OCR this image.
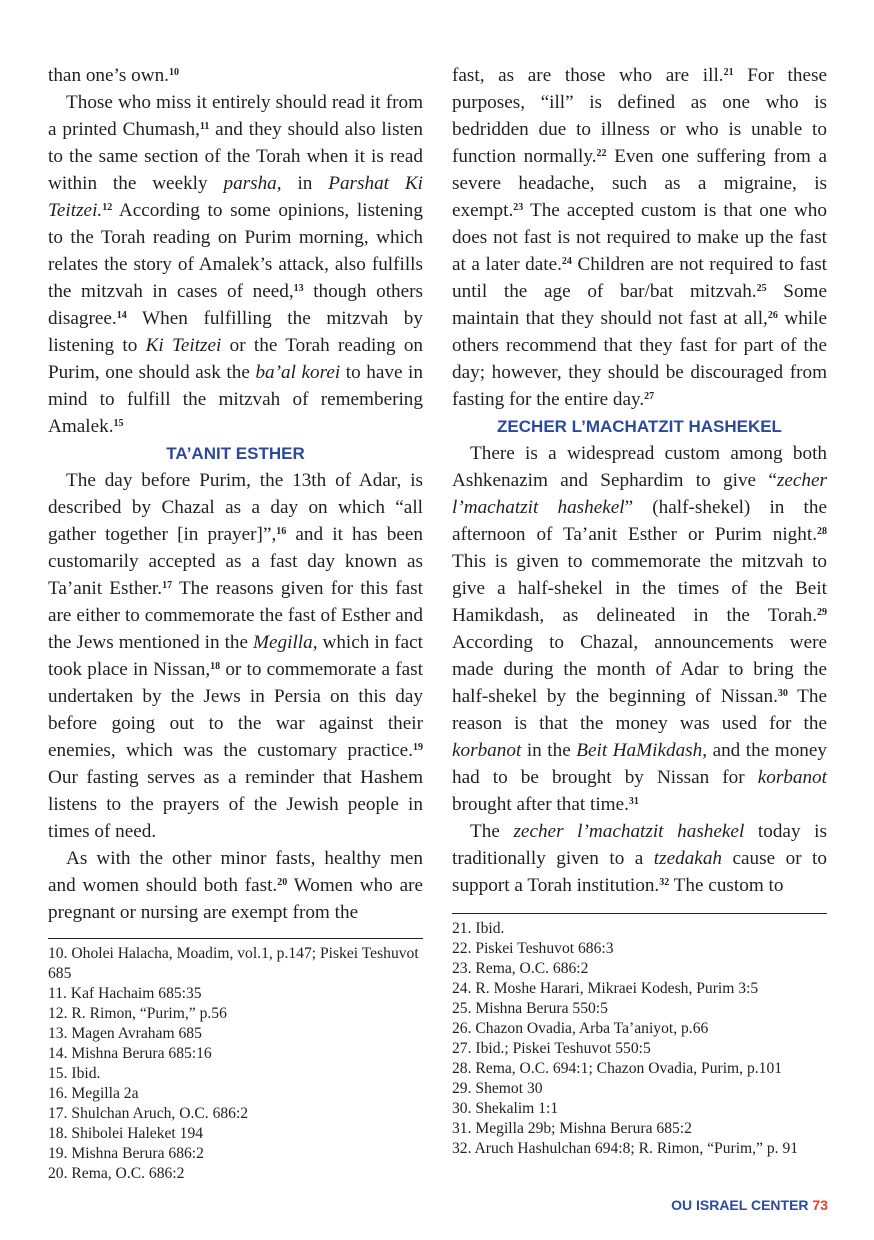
than one’s own.$^{10}$

Those who miss it entirely should read it from a printed Chumash,$^{11}$ and they should also listen to the same section of the Torah when it is read within the weekly parsha, in Parshat Ki Teitzei.$^{12}$ According to some opinions, listening to the Torah reading on Purim morning, which relates the story of Amalek’s attack, also fulfills the mitzvah in cases of need,$^{13}$ though others disagree.$^{14}$ When fulfilling the mitzvah by listening to Ki Teitzei or the Torah reading on Purim, one should ask the ba’al korei to have in mind to fulfill the mitzvah of remembering Amalek.$^{15}$

TA’ANIT ESTHER

The day before Purim, the 13th of Adar, is described by Chazal as a day on which “all gather together [in prayer]”,$^{16}$ and it has been customarily accepted as a fast day known as Ta’anit Esther.$^{17}$ The reasons given for this fast are either to commemorate the fast of Esther and the Jews mentioned in the Megilla, which in fact took place in Nissan,$^{18}$ or to commemorate a fast undertaken by the Jews in Persia on this day before going out to the war against their enemies, which was the customary practice.$^{19}$ Our fasting serves as a reminder that Hashem listens to the prayers of the Jewish people in times of need.

As with the other minor fasts, healthy men and women should both fast.$^{20}$ Women who are pregnant or nursing are exempt from the

fast, as are those who are ill.$^{21}$ For these purposes, “ill” is defined as one who is bedridden due to illness or who is unable to function normally.$^{22}$ Even one suffering from a severe headache, such as a migraine, is exempt.$^{23}$ The accepted custom is that one who does not fast is not required to make up the fast at a later date.$^{24}$ Children are not required to fast until the age of bar/bat mitzvah.$^{25}$ Some maintain that they should not fast at all,$^{26}$ while others recommend that they fast for part of the day; however, they should be discouraged from fasting for the entire day.$^{27}$

ZECHER L’MACHATZIT HASHEKEL

There is a widespread custom among both Ashkenazim and Sephardim to give “zecher l’machatzit hashekel” (half-shekel) in the afternoon of Ta’anit Esther or Purim night.$^{28}$ This is given to commemorate the mitzvah to give a half-shekel in the times of the Beit Hamikdash, as delineated in the Torah.$^{29}$ According to Chazal, announcements were made during the month of Adar to bring the half-shekel by the beginning of Nissan.$^{30}$ The reason is that the money was used for the korbanot in the Beit HaMikdash, and the money had to be brought by Nissan for korbanot brought after that time.$^{31}$

The zecher l’machatzit hashekel today is traditionally given to a tzedakah cause or to support a Torah institution.$^{32}$ The custom to

10. Oholei Halacha, Moadim, vol.1, p.147; Piskei Teshuvot 685
11. Kaf Hachaim 685:35
12. R. Rimon, “Purim,” p.56
13. Magen Avraham 685
14. Mishna Berura 685:16
15. Ibid.
16. Megilla 2a
17. Shulchan Aruch, O.C. 686:2
18. Shibolei Haleket 194
19. Mishna Berura 686:2
20. Rema, O.C. 686:2
21. Ibid.
22. Piskei Teshuvot 686:3
23. Rema, O.C. 686:2
24. R. Moshe Harari, Mikraei Kodesh, Purim 3:5
25. Mishna Berura 550:5
26. Chazon Ovadia, Arba Ta’aniyot, p.66
27. Ibid.; Piskei Teshuvot 550:5
28. Rema, O.C. 694:1; Chazon Ovadia, Purim, p.101
29. Shemot 30
30. Shekalim 1:1
31. Megilla 29b; Mishna Berura 685:2
32. Aruch Hashulchan 694:8; R. Rimon, “Purim,” p. 91
OU ISRAEL CENTER 73
